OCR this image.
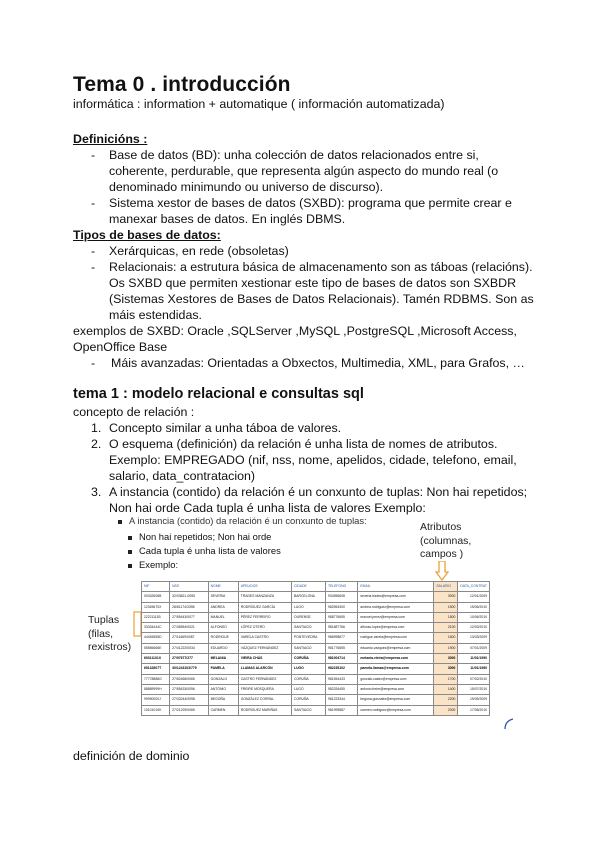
Tema 0 . introducción
informática : information + automatique ( información automatizada)
Definicións :
- Base de datos (BD): unha colección de datos relacionados entre si,
coherente, perdurable, que representa algún aspecto do mundo real (o
denominado minimundo ou universo de discurso).
- Sistema xestor de bases de datos (SXBD): programa que permite crear e
manexar bases de datos. En inglés DBMS.
Tipos de bases de datos:
- Xerárquicas, en rede (obsoletas)
- Relacionais: a estrutura básica de almacenamento son as táboas (relacións).
Os SXBD que permiten xestionar este tipo de bases de datos son SXBDR
(Sistemas Xestores de Bases de Datos Relacionais). Tamén RDBMS. Son as
máis estendidas.
exemplos de SXBD: Oracle ,SQLServer ,MySQL ,PostgreSQL ,Microsoft Access,
OpenOffice Base
- Máis avanzadas: Orientadas a Obxectos, Multimedia, XML, para Grafos, …
tema 1 : modelo relacional e consultas sql
concepto de relación :
1. Concepto similar a unha táboa de valores.
2. O esquema (definición) da relación é unha lista de nomes de atributos.
Exemplo: EMPREGADO (nif, nss, nome, apelidos, cidade, telefono, email,
salario, data_contratacion)
3. A instancia (contido) da relación é un conxunto de tuplas: Non hai repetidos;
Non hai orde Cada tupla é unha lista de valores Exemplo:
A instancia (contido) da relación é un conxunto de tuplas:
Non hai repetidos; Non hai orde
Cada tupla é unha lista de valores
Exemplo:
Atributos
(columnas,
campos )
Tuplas
(filas,
rexistros)
NIF	NSS	NOME	APELIDOS	CIDADE	TELEFONO	EMAIL	SALARIO	DATA_CONTRAT
00332606B	32/03821-0055	SEVERIA	TRADES MANZANZA	BARCELONA	934556608	severia.trades@empresa.com	3000	12/01/2009
12345670X	28/61174/3398	ANDREA	RODRÍGUEZ GARCÍA	LUGO	982554300	andrea.rodriguez@empresa.com	1500	15/06/2010
22221111B	27/55443/0077	MANUEL	PÉREZ FERREIRO	OURENSE	988776655	manuel.perez@empresa.com	1800	10/06/2010
33334444C	27/36554/0021	ALFONSO	LÓPEZ OTERO	SANTIAGO	981887766	alfonso.lopez@empresa.com	2100	12/03/2010
44445555D	27/11669/0087	RODRIGUE	VARELA CASTRO	PONTEVEDRA	986998877	rodrigue.varela@empresa.com	1600	13/03/2009
55556666E	27/41222/0034	EDUARDO	VÁZQUEZ FERNÁNDEZ	SANTIAGO	981776655	eduardo.vazquez@empresa.com	1900	07/01/2009
60311101X	27/97677/277	MELANIA	VIEIRA CHÁS	CORUÑA	981004714	melania.vieira@empresa.com	3000	11/01/1990
65132807T	30/1243103/779	PAMELA	LLAMAS ALARCÓN	LUGO	982235102	pamela.llamas@empresa.com	3000	11/01/1990
77778888G	27/52466/0065	GONZALO	CASTRO FERNÁNDEZ	CORUÑA	981554433	gonzalo.castro@empresa.com	1700	07/02/2010
88889999H	27/55433/0056	ANTONIO	FREIRE MOSQUERA	LUGO	982334455	antonio.freire@empresa.com	1400	15/07/2010
99990000J	27/33244/0098	BEGOÑA	GONZÁLEZ CORRAL	CORUÑA	981223344	begona.gonzalez@empresa.com	2200	19/05/2009
10101010K	27/21229/0065	CARMEN	RODRÍGUEZ MARIÑAS	SANTIAGO	981999887	carmen.rodriguez@empresa.com	2000	17/08/2010
definición de dominio
